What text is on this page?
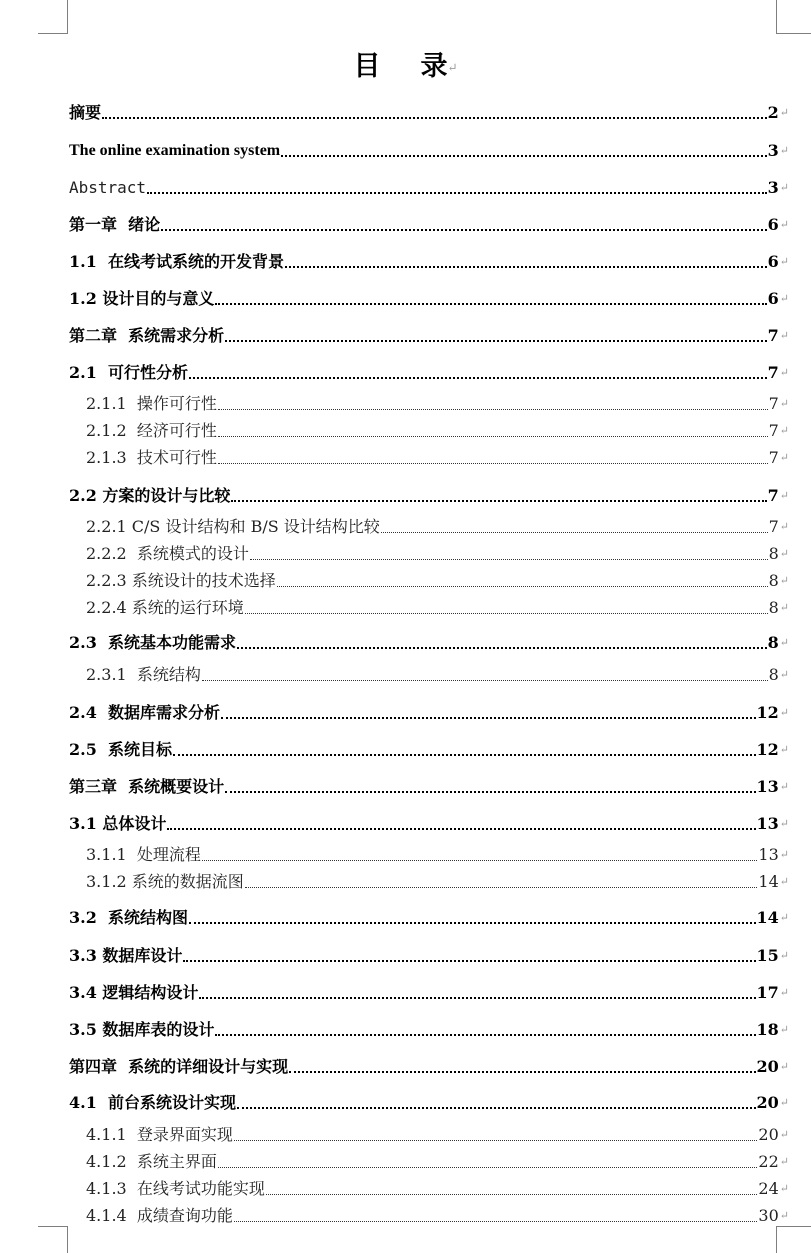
目 录↵
摘要	2 ↵
The online examination system	3 ↵
Abstract	3 ↵
第一章  绪论	6 ↵
1.1  在线考试系统的开发背景	6 ↵
1.2 设计目的与意义	6 ↵
第二章  系统需求分析	7 ↵
2.1  可行性分析	7 ↵
2.1.1  操作可行性	7 ↵
2.1.2  经济可行性	7 ↵
2.1.3  技术可行性	7 ↵
2.2 方案的设计与比较	7 ↵
2.2.1 C/S 设计结构和 B/S 设计结构比较	7 ↵
2.2.2  系统模式的设计	8 ↵
2.2.3 系统设计的技术选择	8 ↵
2.2.4 系统的运行环境	8 ↵
2.3  系统基本功能需求	8 ↵
2.3.1  系统结构	8 ↵
2.4  数据库需求分析	12 ↵
2.5  系统目标	12 ↵
第三章  系统概要设计	13 ↵
3.1 总体设计	13 ↵
3.1.1  处理流程	13 ↵
3.1.2 系统的数据流图	14 ↵
3.2  系统结构图	14 ↵
3.3 数据库设计	15 ↵
3.4 逻辑结构设计	17 ↵
3.5 数据库表的设计	18 ↵
第四章  系统的详细设计与实现	20 ↵
4.1  前台系统设计实现	20 ↵
4.1.1  登录界面实现	20 ↵
4.1.2  系统主界面	22 ↵
4.1.3  在线考试功能实现	24 ↵
4.1.4  成绩查询功能	30 ↵
